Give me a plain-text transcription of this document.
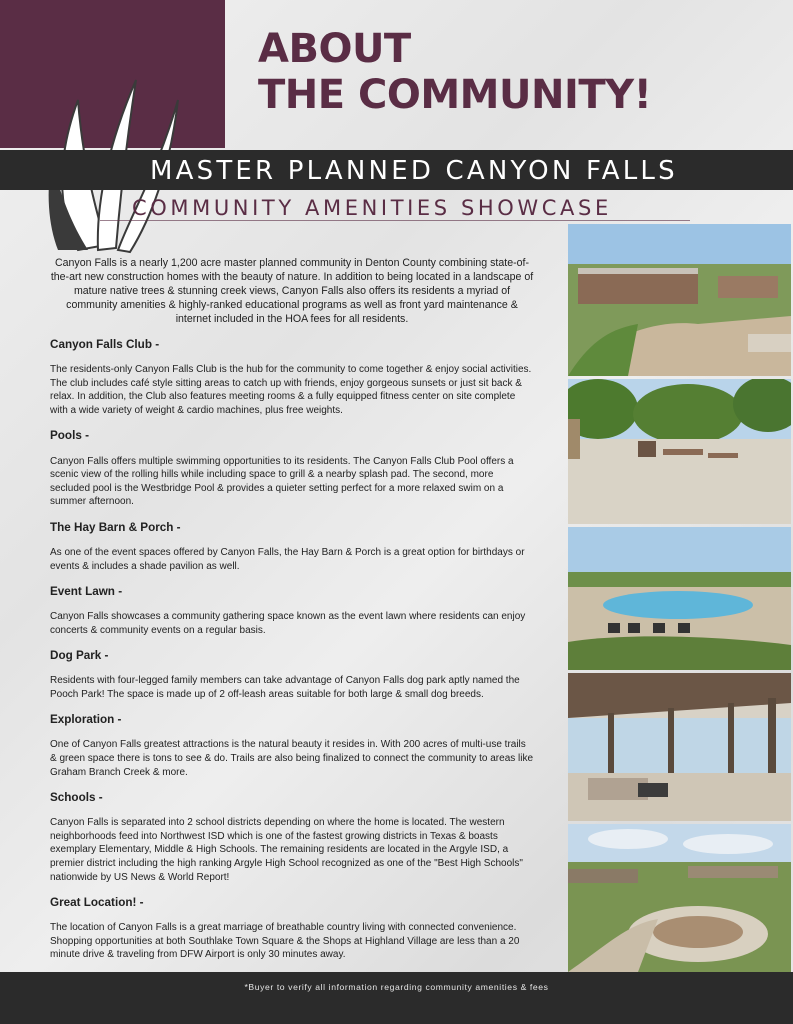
ABOUT
THE COMMUNITY!
MASTER PLANNED CANYON FALLS
COMMUNITY AMENITIES SHOWCASE

Canyon Falls is a nearly 1,200 acre master planned community in Denton County combining state-of-the-art new construction homes with the beauty of nature. In addition to being located in a landscape of mature native trees & stunning creek views, Canyon Falls also offers its residents a myriad of community amenities & highly-ranked educational programs as well as front yard maintenance & internet included in the HOA fees for all residents.

Canyon Falls Club -
The residents-only Canyon Falls Club is the hub for the community to come together & enjoy social activities. The club includes café style sitting areas to catch up with friends, enjoy gorgeous sunsets or just sit back & relax. In addition, the Club also features meeting rooms & a fully equipped fitness center on site complete with a wide variety of weight & cardio machines, plus free weights.

Pools -
Canyon Falls offers multiple swimming opportunities to its residents. The Canyon Falls Club Pool offers a scenic view of the rolling hills while including space to grill & a nearby splash pad. The second, more secluded pool is the Westbridge Pool & provides a quieter setting perfect for a more relaxed swim on a summer afternoon.

The Hay Barn & Porch -
As one of the event spaces offered by Canyon Falls, the Hay Barn & Porch is a great option for birthdays or events & includes a shade pavilion as well.

Event Lawn -
Canyon Falls showcases a community gathering space known as the event lawn where residents can enjoy concerts & community events on a regular basis.

Dog Park -
Residents with four-legged family members can take advantage of Canyon Falls dog park aptly named the Pooch Park! The space is made up of 2 off-leash areas suitable for both large & small dog breeds.

Exploration -
One of Canyon Falls greatest attractions is the natural beauty it resides in. With 200 acres of multi-use trails & green space there is tons to see & do. Trails are also being finalized to connect the community to areas like Graham Branch Creek & more.

Schools -
Canyon Falls is separated into 2 school districts depending on where the home is located. The western neighborhoods feed into Northwest ISD which is one of the fastest growing districts in Texas & boasts exemplary Elementary, Middle & High Schools. The remaining residents are located in the Argyle ISD, a premier district including the high ranking Argyle High School recognized as one of the "Best High Schools" nationwide by US News & World Report!

Great Location! -
The location of Canyon Falls is a great marriage of breathable country living with connected convenience. Shopping opportunities at both Southlake Town Square & the Shops at Highland Village are less than a 20 minute drive & traveling from DFW Airport is only 30 minutes away.

*Buyer to verify all information regarding community amenities & fees
